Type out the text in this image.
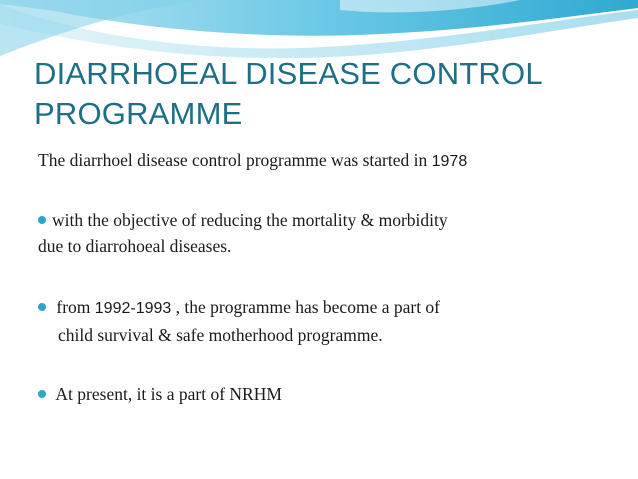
DIARRHOEAL DISEASE CONTROL
PROGRAMME
The diarrhoel disease control programme was started in 1978
with the objective of reducing the mortality & morbidity
due to diarrohoeal diseases.
from 1992-1993 , the programme has become a part of
child survival & safe motherhood programme.
At present, it is a part of NRHM
